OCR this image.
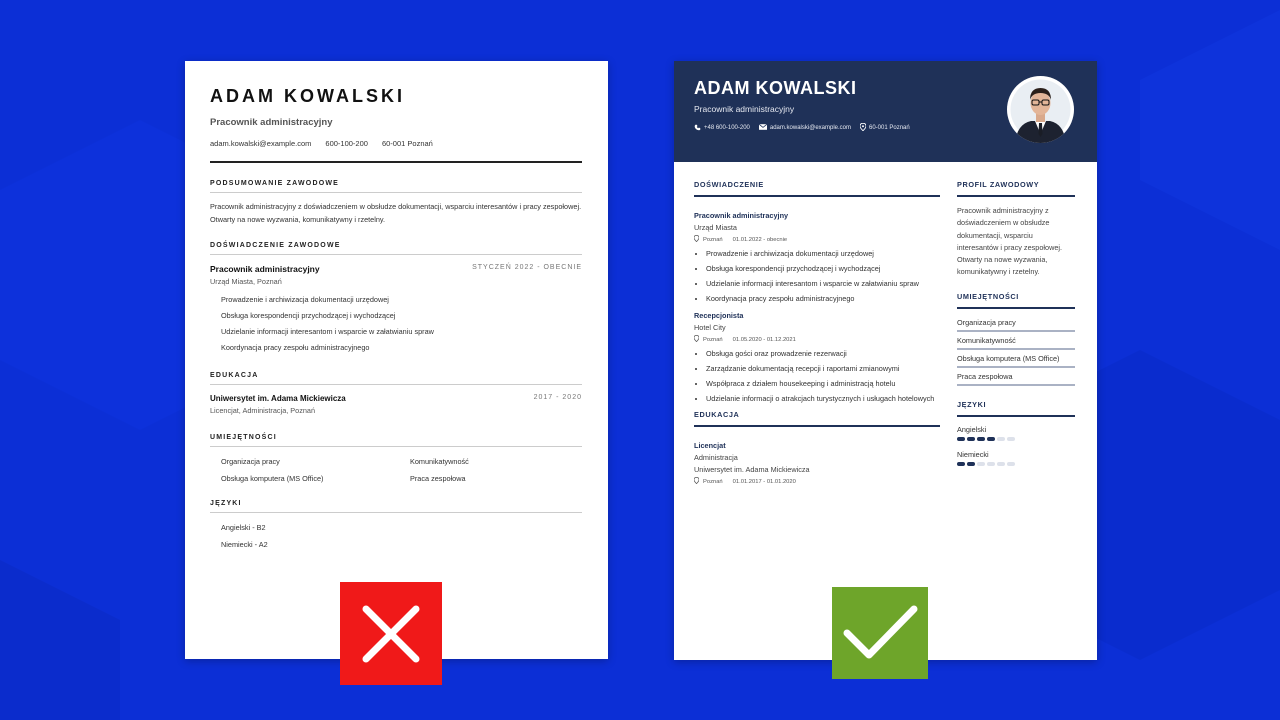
ADAM KOWALSKI
Pracownik administracyjny
adam.kowalski@example.com 600-100-200 60-001 Poznań
PODSUMOWANIE ZAWODOWE
Pracownik administracyjny z doświadczeniem w obsłudze dokumentacji, wsparciu interesantów i pracy zespołowej. Otwarty na nowe wyzwania, komunikatywny i rzetelny.
DOŚWIADCZENIE ZAWODOWE
Pracownik administracyjny	STYCZEŃ 2022 - OBECNIE
Urząd Miasta, Poznań
Prowadzenie i archiwizacja dokumentacji urzędowej
Obsługa korespondencji przychodzącej i wychodzącej
Udzielanie informacji interesantom i wsparcie w załatwianiu spraw
Koordynacja pracy zespołu administracyjnego
EDUKACJA
Uniwersytet im. Adama Mickiewicza	2017 - 2020
Licencjat, Administracja, Poznań
UMIEJĘTNOŚCI
Organizacja pracy	Komunikatywność
Obsługa komputera (MS Office)	Praca zespołowa
JĘZYKI
Angielski - B2
Niemiecki - A2
ADAM KOWALSKI
Pracownik administracyjny
+48 600-100-200	adam.kowalski@example.com	60-001 Poznań
DOŚWIADCZENIE
Pracownik administracyjny
Urząd Miasta
Poznań 01.01.2022 - obecnie
• Prowadzenie i archiwizacja dokumentacji urzędowej
• Obsługa korespondencji przychodzącej i wychodzącej
• Udzielanie informacji interesantom i wsparcie w załatwianiu spraw
• Koordynacja pracy zespołu administracyjnego
Recepcjonista
Hotel City
Poznań 01.05.2020 - 01.12.2021
• Obsługa gości oraz prowadzenie rezerwacji
• Zarządzanie dokumentacją recepcji i raportami zmianowymi
• Współpraca z działem housekeeping i administracją hotelu
• Udzielanie informacji o atrakcjach turystycznych i usługach hotelowych
EDUKACJA
Licencjat
Administracja
Uniwersytet im. Adama Mickiewicza
Poznań 01.01.2017 - 01.01.2020
PROFIL ZAWODOWY
Pracownik administracyjny z doświadczeniem w obsłudze dokumentacji, wsparciu interesantów i pracy zespołowej. Otwarty na nowe wyzwania, komunikatywny i rzetelny.
UMIEJĘTNOŚCI
Organizacja pracy
Komunikatywność
Obsługa komputera (MS Office)
Praca zespołowa
JĘZYKI
Angielski
Niemiecki
